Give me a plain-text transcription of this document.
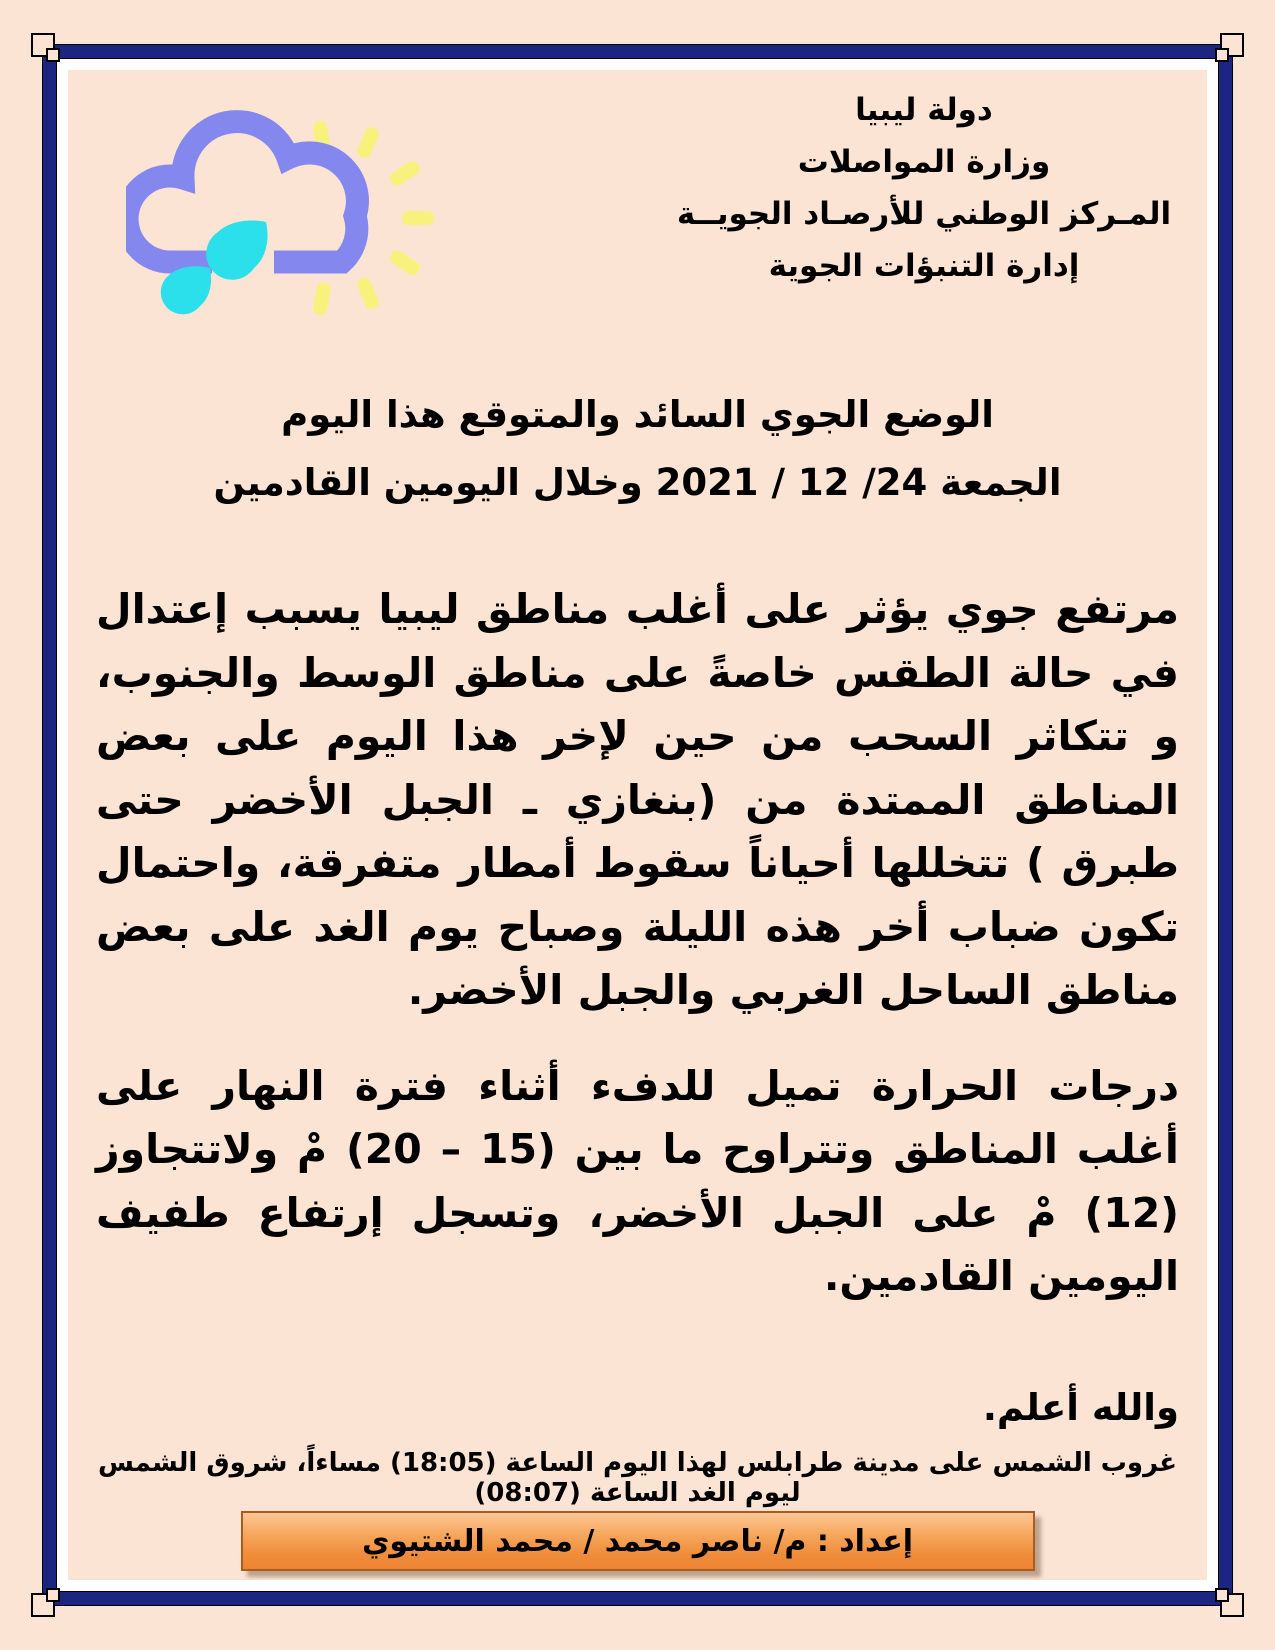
دولة ليبيا
وزارة المواصلات
المـركز الوطني للأرصـاد الجويــة
إدارة التنبؤات الجوية
الوضع الجوي السائد والمتوقع هذا اليوم
الجمعة 24/ 12 / 2021 وخلال اليومين القادمين

مرتفع جوي يؤثر على أغلب مناطق ليبيا يسبب إعتدال في حالة الطقس خاصةً على مناطق الوسط والجنوب، و تتكاثر السحب من حين لإخر هذا اليوم على بعض المناطق الممتدة من (بنغازي ـ الجبل الأخضر حتى طبرق ) تتخللها أحياناً سقوط أمطار متفرقة، واحتمال تكون ضباب أخر هذه الليلة وصباح يوم الغد على بعض مناطق الساحل الغربي والجبل الأخضر.

درجات الحرارة تميل للدفء أثناء فترة النهار على أغلب المناطق وتتراوح ما بين (15 – 20) مْ ولاتتجاوز (12) مْ على الجبل الأخضر، وتسجل إرتفاع طفيف اليومين القادمين.

والله أعلم.

غروب الشمس على مدينة طرابلس لهذا اليوم الساعة (18:05) مساءاً، شروق الشمس ليوم الغد الساعة (08:07)
إعداد : م/ ناصر محمد / محمد الشتيوي
